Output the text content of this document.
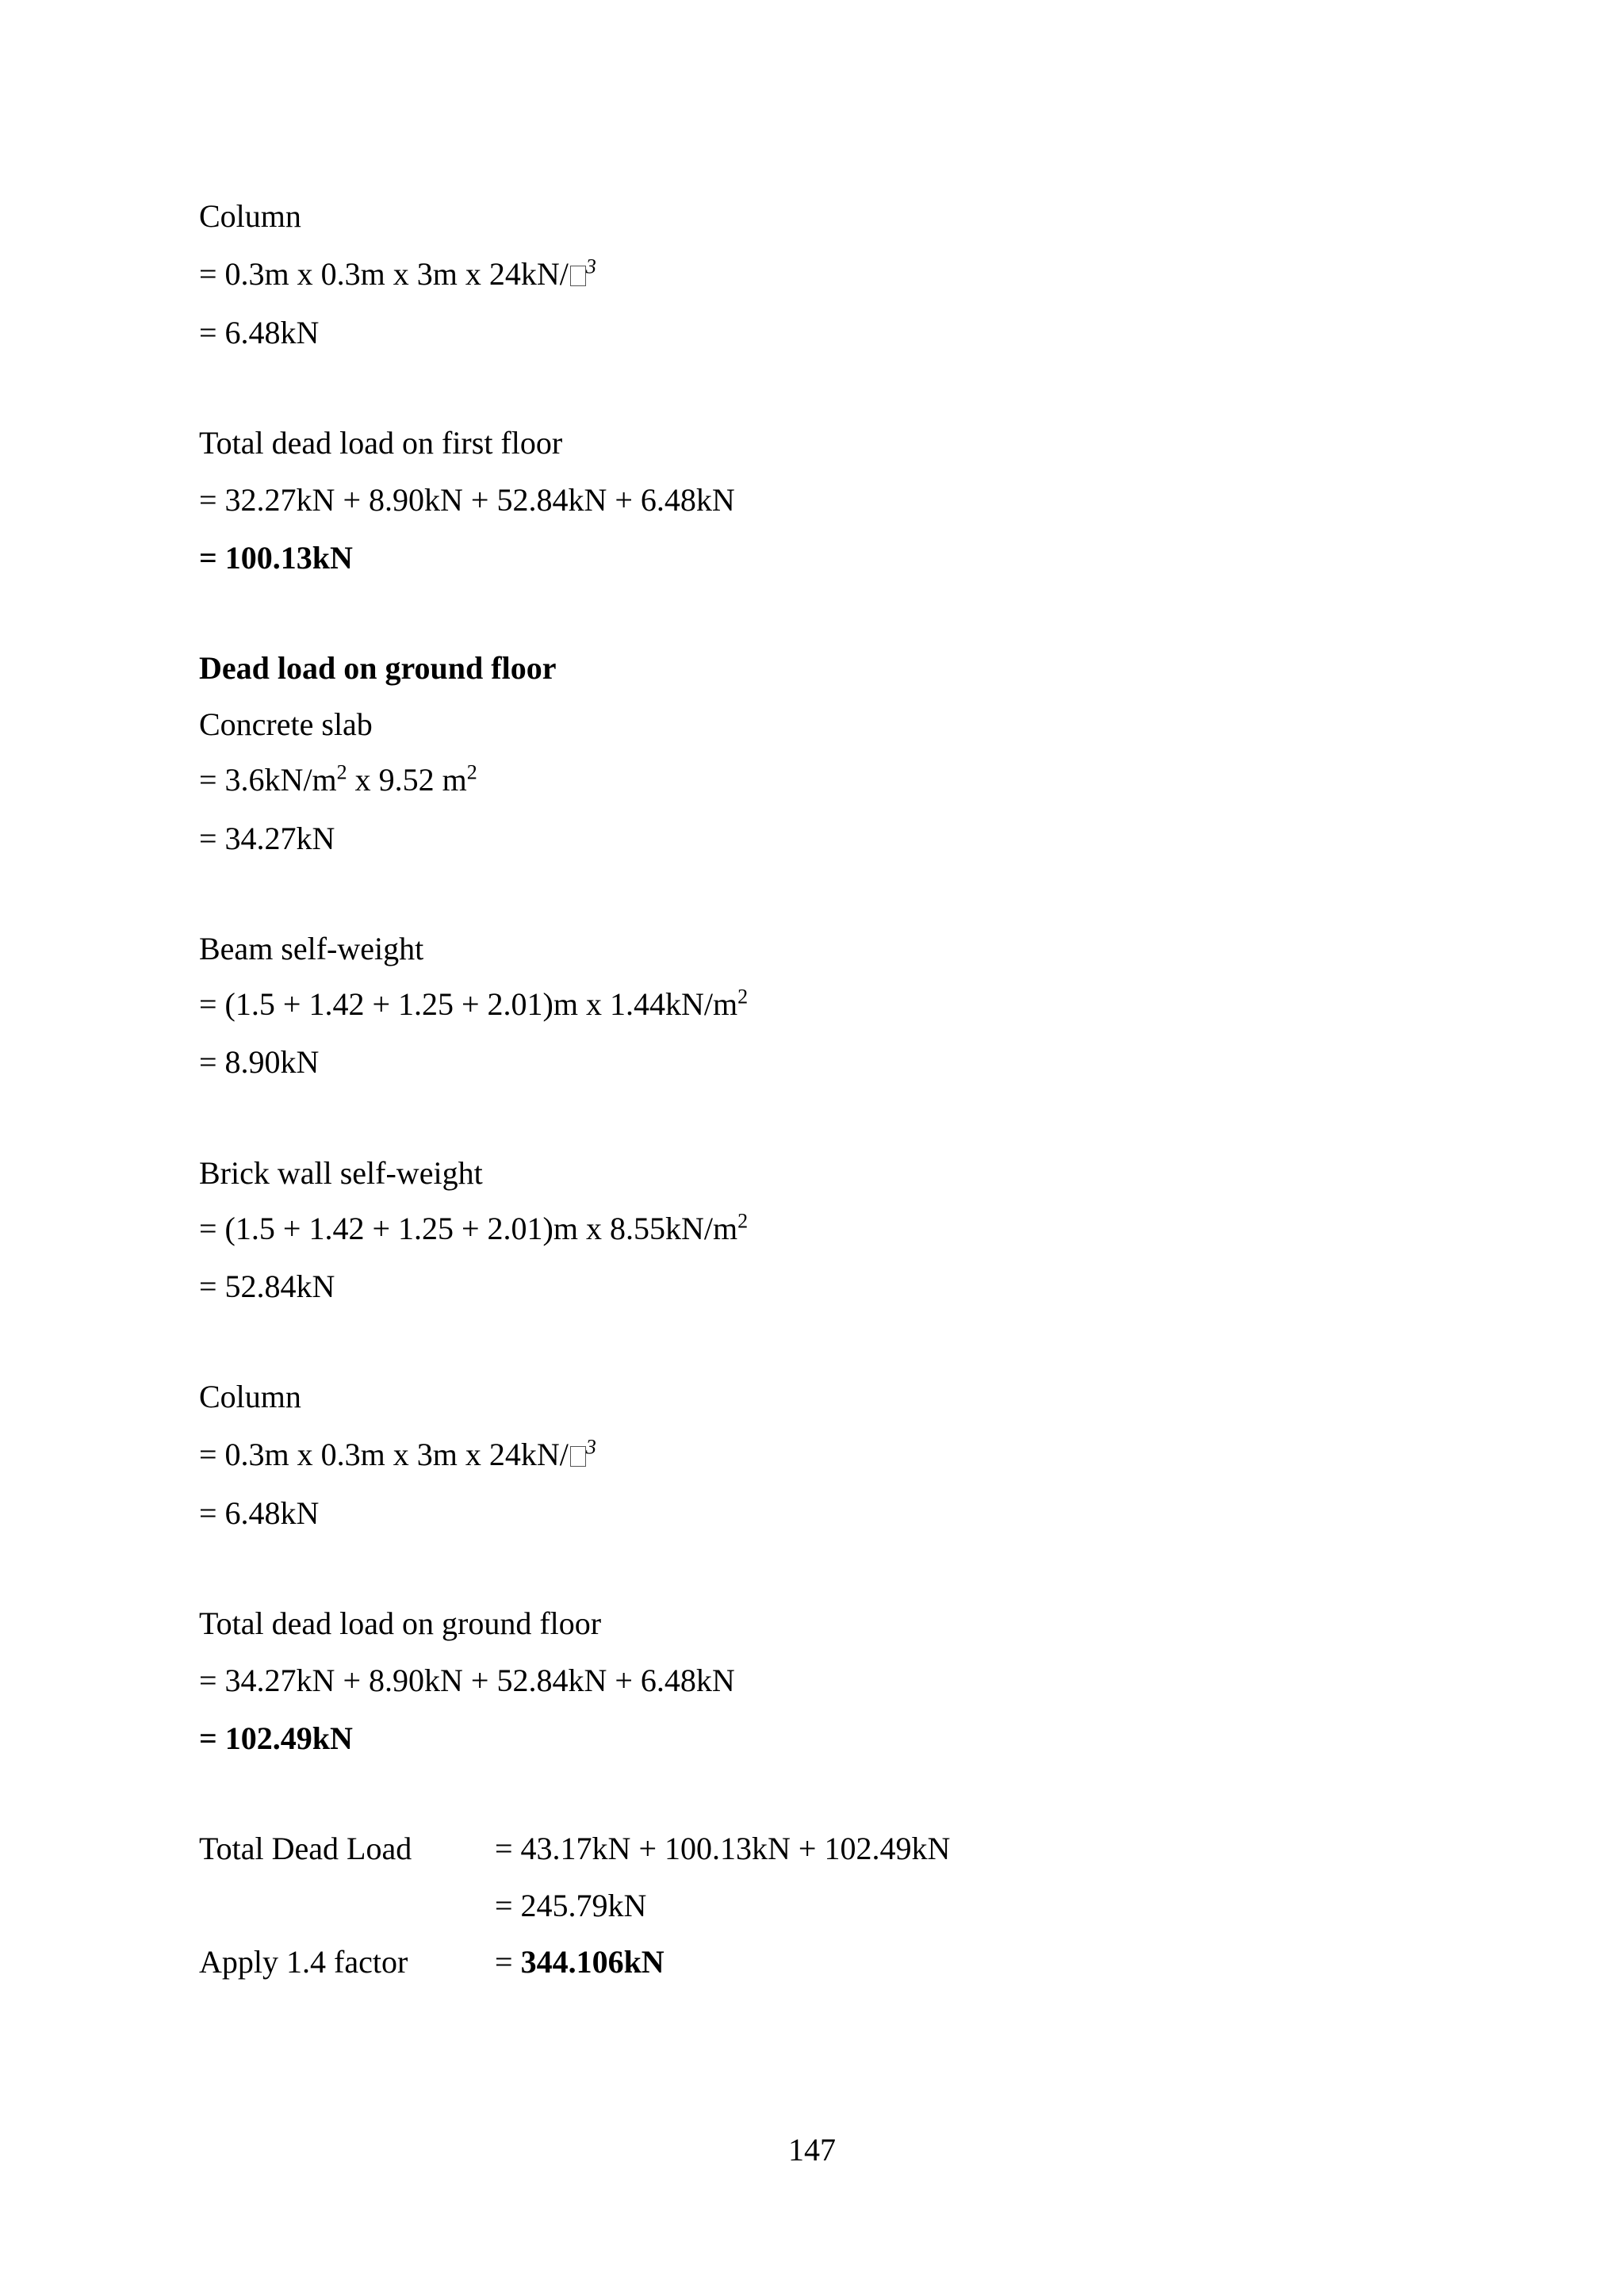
Column
= 0.3m x 0.3m x 3m x 24kN/ $^3$
= 6.48kN
Total dead load on first floor
= 32.27kN + 8.90kN + 52.84kN + 6.48kN
= 100.13kN
Dead load on ground floor
Concrete slab
= $3.6kN/m^2$ x 9.52 $m^2$
= 34.27kN
Beam self-weight
= (1.5 + 1.42 + 1.25 + 2.01)m x $1.44kN/m^2$
= 8.90kN
Brick wall self-weight
= (1.5 + 1.42 + 1.25 + 2.01)m x $8.55kN/m^2$
= 52.84kN
Column
= 0.3m x 0.3m x 3m x 24kN/ $^3$
= 6.48kN
Total dead load on ground floor
= 34.27kN + 8.90kN + 52.84kN + 6.48kN
= 102.49kN
Total Dead Load	= 43.17kN + 100.13kN + 102.49kN
= 245.79kN
Apply 1.4 factor	= 344.106kN
147
